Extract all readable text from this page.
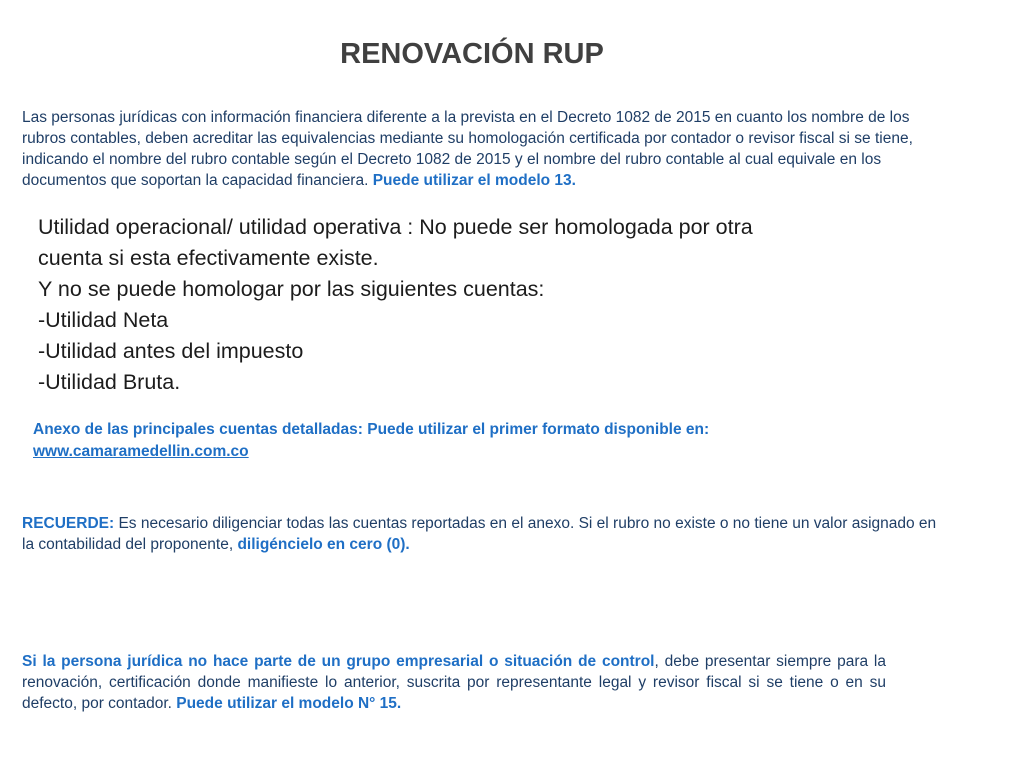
RENOVACIÓN RUP
Las personas jurídicas con información financiera diferente a la prevista en el Decreto 1082 de 2015 en cuanto los nombre de los rubros contables, deben acreditar las equivalencias mediante su homologación certificada por contador o revisor fiscal si se tiene, indicando el nombre del rubro contable según el Decreto 1082 de 2015 y el nombre del rubro contable al cual equivale en los documentos que soportan la capacidad financiera. Puede utilizar el modelo 13.
Utilidad operacional/ utilidad operativa : No puede ser homologada por otra
cuenta si esta efectivamente existe.
Y no se puede homologar por las siguientes cuentas:
-Utilidad Neta
-Utilidad antes del impuesto
-Utilidad Bruta.
Anexo de las principales cuentas detalladas: Puede utilizar el primer formato disponible en:
www.camaramedellin.com.co
RECUERDE: Es necesario diligenciar todas las cuentas reportadas en el anexo. Si el rubro no existe o no tiene un valor asignado en la contabilidad del proponente, diligéncielo en cero (0).
Si la persona jurídica no hace parte de un grupo empresarial o situación de control, debe presentar siempre para la renovación, certificación donde manifieste lo anterior, suscrita por representante legal y revisor fiscal si se tiene o en su defecto, por contador. Puede utilizar el modelo N° 15.
